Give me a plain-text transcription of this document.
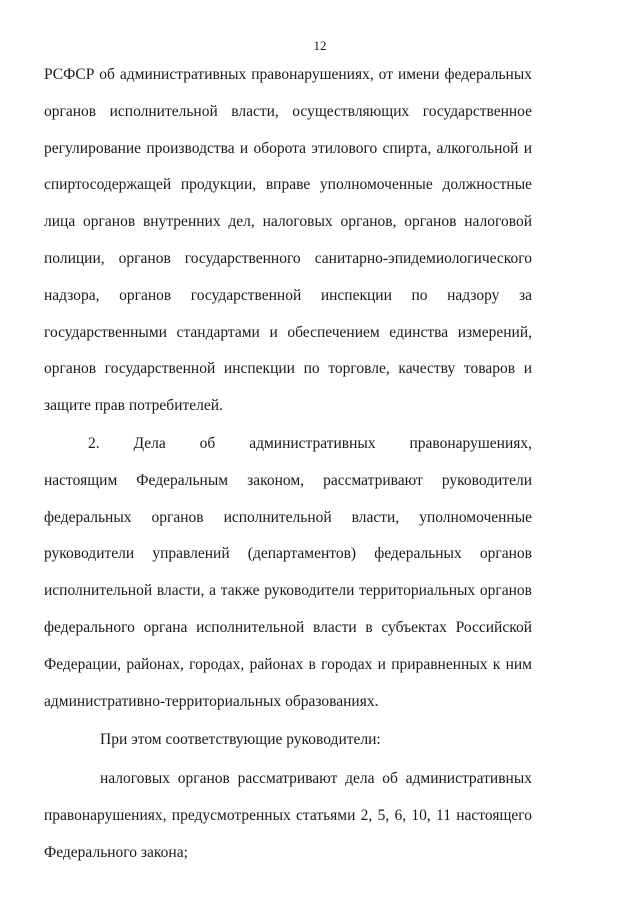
12
РСФСР об административных правонарушениях, от имени федеральных
органов исполнительной власти, осуществляющих государственное
регулирование производства и оборота этилового спирта, алкогольной и
спиртосодержащей продукции, вправе уполномоченные должностные
лица органов внутренних дел, налоговых органов, органов налоговой
полиции, органов государственного санитарно-эпидемиологического
надзора, органов государственной инспекции по надзору за
государственными стандартами и обеспечением единства измерений,
органов государственной инспекции по торговле, качеству товаров и
защите прав потребителей.
2. Дела об административных правонарушениях,
настоящим Федеральным законом, рассматривают руководители
федеральных органов исполнительной власти, уполномоченные
руководители управлений (департаментов) федеральных органов
исполнительной власти, а также руководители территориальных органов
федерального органа исполнительной власти в субъектах Российской
Федерации, районах, городах, районах в городах и приравненных к ним
административно-территориальных образованиях.
При этом соответствующие руководители:
налоговых органов рассматривают дела об административных
правонарушениях, предусмотренных статьями 2, 5, 6, 10, 11 настоящего
Федерального закона;
